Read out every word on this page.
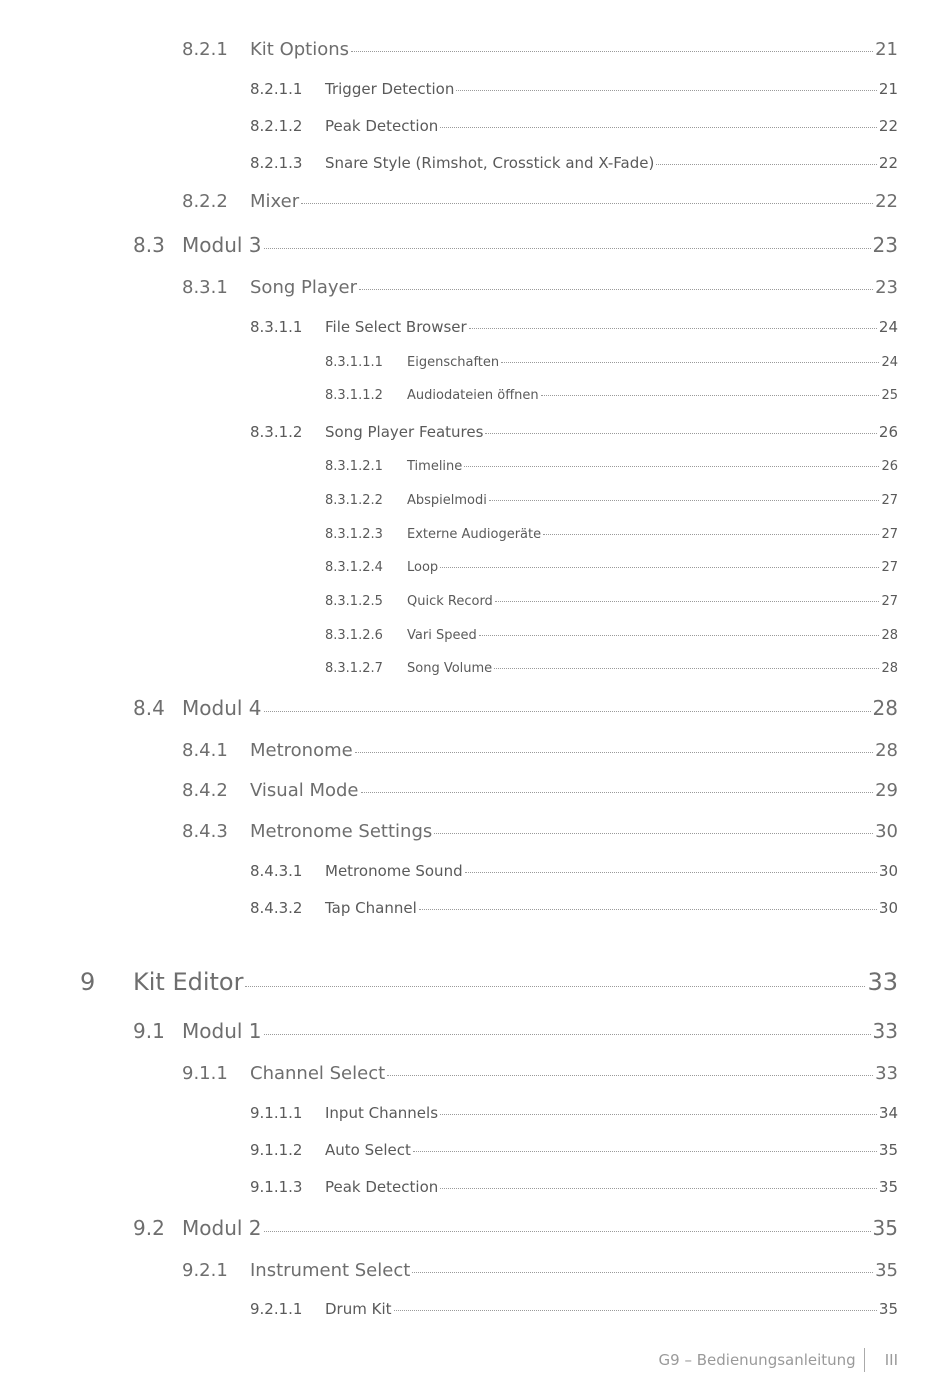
8.2.1	Kit Options	21
8.2.1.1	Trigger Detection	21
8.2.1.2	Peak Detection	22
8.2.1.3	Snare Style (Rimshot, Crosstick and X-Fade)	22
8.2.2	Mixer	22
8.3 Modul 3	23
8.3.1	Song Player	23
8.3.1.1	File Select Browser	24
8.3.1.1.1	Eigenschaften	24
8.3.1.1.2	Audiodateien öffnen	25
8.3.1.2	Song Player Features	26
8.3.1.2.1	Timeline	26
8.3.1.2.2	Abspielmodi	27
8.3.1.2.3	Externe Audiogeräte	27
8.3.1.2.4	Loop	27
8.3.1.2.5	Quick Record	27
8.3.1.2.6	Vari Speed	28
8.3.1.2.7	Song Volume	28
8.4 Modul 4	28
8.4.1	Metronome	28
8.4.2	Visual Mode	29
8.4.3	Metronome Settings	30
8.4.3.1	Metronome Sound	30
8.4.3.2	Tap Channel	30
9	Kit Editor	33
9.1 Modul 1	33
9.1.1	Channel Select	33
9.1.1.1	Input Channels	34
9.1.1.2	Auto Select	35
9.1.1.3	Peak Detection	35
9.2 Modul 2	35
9.2.1	Instrument Select	35
9.2.1.1	Drum Kit	35
G9 – Bedienungsanleitung III
